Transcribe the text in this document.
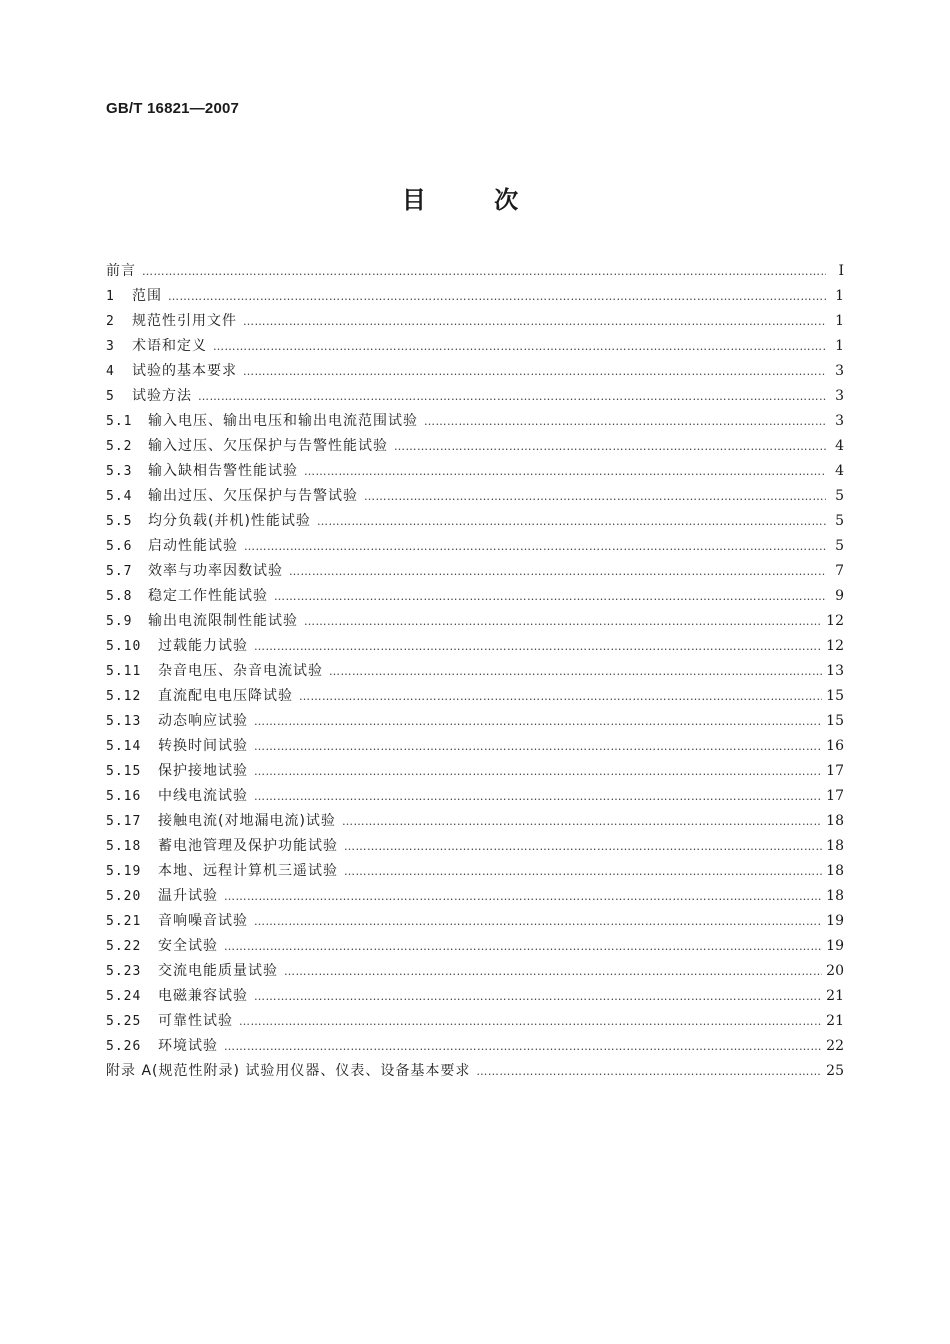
GB/T 16821—2007
目 次
前言 …………………………………………………………………………………………………………………………………………………………………………………	Ⅰ
1	范围 …………………………………………………………………………………………………………………………………………………………………………………	1
2	规范性引用文件 …………………………………………………………………………………………………………………………………………………………………………………	1
3	术语和定义 …………………………………………………………………………………………………………………………………………………………………………………	1
4	试验的基本要求 …………………………………………………………………………………………………………………………………………………………………………………	3
5	试验方法 …………………………………………………………………………………………………………………………………………………………………………………	3
5.1	输入电压、输出电压和输出电流范围试验 …………………………………………………………………………………………………………………………………………………………………………………	3
5.2	输入过压、欠压保护与告警性能试验 …………………………………………………………………………………………………………………………………………………………………………………	4
5.3	输入缺相告警性能试验 …………………………………………………………………………………………………………………………………………………………………………………	4
5.4	输出过压、欠压保护与告警试验 …………………………………………………………………………………………………………………………………………………………………………………	5
5.5	均分负载(并机)性能试验 …………………………………………………………………………………………………………………………………………………………………………………	5
5.6	启动性能试验 …………………………………………………………………………………………………………………………………………………………………………………	5
5.7	效率与功率因数试验 …………………………………………………………………………………………………………………………………………………………………………………	7
5.8	稳定工作性能试验 …………………………………………………………………………………………………………………………………………………………………………………	9
5.9	输出电流限制性能试验 …………………………………………………………………………………………………………………………………………………………………………………	12
5.10	过载能力试验 …………………………………………………………………………………………………………………………………………………………………………………	12
5.11	杂音电压、杂音电流试验 …………………………………………………………………………………………………………………………………………………………………………………	13
5.12	直流配电电压降试验 …………………………………………………………………………………………………………………………………………………………………………………	15
5.13	动态响应试验 …………………………………………………………………………………………………………………………………………………………………………………	15
5.14	转换时间试验 …………………………………………………………………………………………………………………………………………………………………………………	16
5.15	保护接地试验 …………………………………………………………………………………………………………………………………………………………………………………	17
5.16	中线电流试验 …………………………………………………………………………………………………………………………………………………………………………………	17
5.17	接触电流(对地漏电流)试验 …………………………………………………………………………………………………………………………………………………………………………………	18
5.18	蓄电池管理及保护功能试验 …………………………………………………………………………………………………………………………………………………………………………………	18
5.19	本地、远程计算机三遥试验 …………………………………………………………………………………………………………………………………………………………………………………	18
5.20	温升试验 …………………………………………………………………………………………………………………………………………………………………………………	18
5.21	音响噪音试验 …………………………………………………………………………………………………………………………………………………………………………………	19
5.22	安全试验 …………………………………………………………………………………………………………………………………………………………………………………	19
5.23	交流电能质量试验 …………………………………………………………………………………………………………………………………………………………………………………	20
5.24	电磁兼容试验 …………………………………………………………………………………………………………………………………………………………………………………	21
5.25	可靠性试验 …………………………………………………………………………………………………………………………………………………………………………………	21
5.26	环境试验 …………………………………………………………………………………………………………………………………………………………………………………	22
附录 A(规范性附录) 试验用仪器、仪表、设备基本要求 …………………………………………………………………………………………………………………………………………………………………………………	25
